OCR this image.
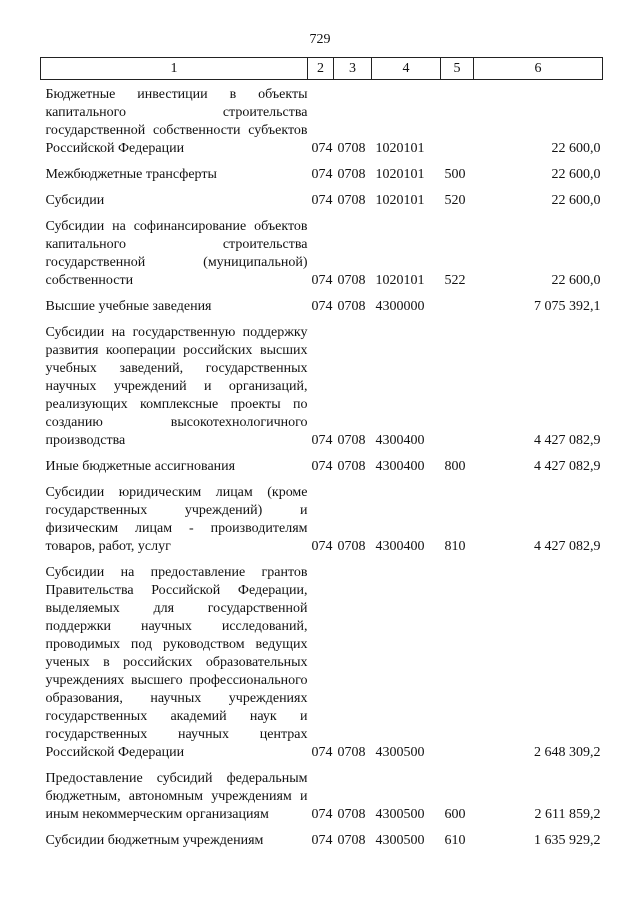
729
1	2	3	4	5	6
Бюджетные инвестиции в объекты капитального строительства государственной собственности субъектов Российской Федерации	074	0708	1020101		22 600,0
Межбюджетные трансферты	074	0708	1020101	500	22 600,0
Субсидии	074	0708	1020101	520	22 600,0
Субсидии на софинансирование объектов капитального строительства государственной (муниципальной) собственности	074	0708	1020101	522	22 600,0
Высшие учебные заведения	074	0708	4300000		7 075 392,1
Субсидии на государственную поддержку развития кооперации российских высших учебных заведений, государственных научных учреждений и организаций, реализующих комплексные проекты по созданию высокотехнологичного производства	074	0708	4300400		4 427 082,9
Иные бюджетные ассигнования	074	0708	4300400	800	4 427 082,9
Субсидии юридическим лицам (кроме государственных учреждений) и физическим лицам - производителям товаров, работ, услуг	074	0708	4300400	810	4 427 082,9
Субсидии на предоставление грантов Правительства Российской Федерации, выделяемых для государственной поддержки научных исследований, проводимых под руководством ведущих ученых в российских образовательных учреждениях высшего профессионального образования, научных учреждениях государственных академий наук и государственных научных центрах Российской Федерации	074	0708	4300500		2 648 309,2
Предоставление субсидий федеральным бюджетным, автономным учреждениям и иным некоммерческим организациям	074	0708	4300500	600	2 611 859,2
Субсидии бюджетным учреждениям	074	0708	4300500	610	1 635 929,2
